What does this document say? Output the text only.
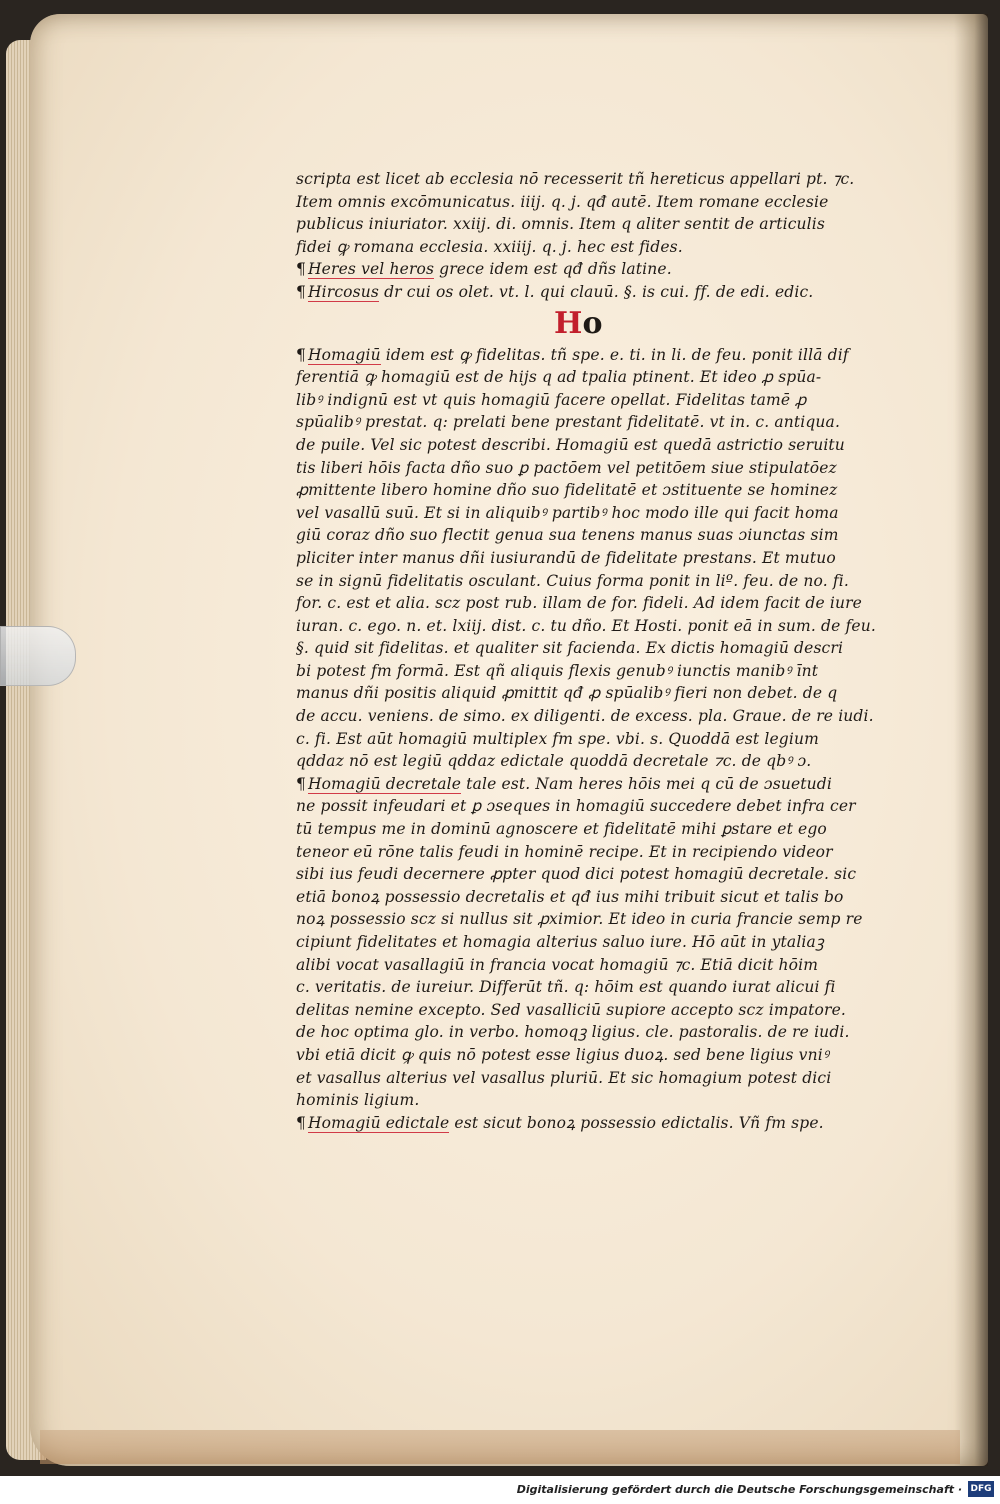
scripta est licet ab ecclesia nō recesserit tñ hereticus appellari pt. ⁊c.
Item omnis excōmunicatus. iiij. q. j. qđ autē. Item romane ecclesie
publicus iniuriator. xxiij. di. omnis. Item q aliter sentit de articulis
fidei ꝙ romana ecclesia. xxiiij. q. j. hec est fides.
¶ Heres vel heros grece idem est qđ dñs latine.
¶ Hircosus dr cui os olet. vt. l. qui clauū. §. is cui. ff. de edi. edic.
Ho
¶ Homagiū idem est ꝙ fidelitas. tñ spe. e. ti. in li. de feu. ponit illā dif
ferentiā ꝙ homagiū est de hijs q ad tpalia ptinent. Et ideo ꝓ spūa-
libꝰ indignū est vt quis homagiū facere opellat. Fidelitas tamē ꝓ
spūalibꝰ prestat. q: prelati bene prestant fidelitatē. vt in. c. antiqua.
de puile. Vel sic potest describi. Homagiū est quedā astrictio seruitu
tis liberi hōis facta dño suo ꝑ pactōem vel petitōem siue stipulatōez
ꝓmittente libero homine dño suo fidelitatē et ɔstituente se hominez
vel vasallū suū. Et si in aliquibꝰ partibꝰ hoc modo ille qui facit homa
giū coraz dño suo flectit genua sua tenens manus suas ɔiunctas sim
pliciter inter manus dñi iusiurandū de fidelitate prestans. Et mutuo
se in signū fidelitatis osculant. Cuius forma ponit in liº. feu. de no. fi.
for. c. est et alia. scz post rub. illam de for. fideli. Ad idem facit de iure
iuran. c. ego. n. et. lxiij. dist. c. tu dño. Et Hosti. ponit eā in sum. de feu.
§. quid sit fidelitas. et qualiter sit facienda. Ex dictis homagiū descri
bi potest fm formā. Est qñ aliquis flexis genubꝰ iunctis manibꝰ īnt
manus dñi positis aliquid ꝓmittit qđ ꝓ spūalibꝰ fieri non debet. de q
de accu. veniens. de simo. ex diligenti. de excess. pla. Graue. de re iudi.
c. fi. Est aūt homagiū multiplex fm spe. vbi. s. Quoddā est legium
qddaz nō est legiū qddaz edictale quoddā decretale ⁊c. de qbꝰ ɔ.
¶ Homagiū decretale tale est. Nam heres hōis mei q cū de ɔsuetudi
ne possit infeudari et ꝑ ɔseques in homagiū succedere debet infra cer
tū tempus me in dominū agnoscere et fidelitatē mihi ꝑstare et ego
teneor eū rōne talis feudi in hominē recipe. Et in recipiendo videor
sibi ius feudi decernere ꝓpter quod dici potest homagiū decretale. sic
etiā bonoꝝ possessio decretalis et qđ ius mihi tribuit sicut et talis bo
noꝝ possessio scz si nullus sit ꝓximior. Et ideo in curia francie semp re
cipiunt fidelitates et homagia alterius saluo iure. Hō aūt in ytaliaꝫ
alibi vocat vasallagiū in francia vocat homagiū ⁊c. Etiā dicit hōim
c. veritatis. de iureiur. Differūt tñ. q: hōim est quando iurat alicui fi
delitas nemine excepto. Sed vasalliciū supiore accepto scz impatore.
de hoc optima glo. in verbo. homoqꝫ ligius. cle. pastoralis. de re iudi.
vbi etiā dicit ꝙ quis nō potest esse ligius duoꝝ. sed bene ligius vniꝰ
et vasallus alterius vel vasallus pluriū. Et sic homagium potest dici
hominis ligium.
¶ Homagiū edictale est sicut bonoꝝ possessio edictalis. Vñ fm spe.
Digitalisierung gefördert durch die Deutsche Forschungsgemeinschaft · DFG
